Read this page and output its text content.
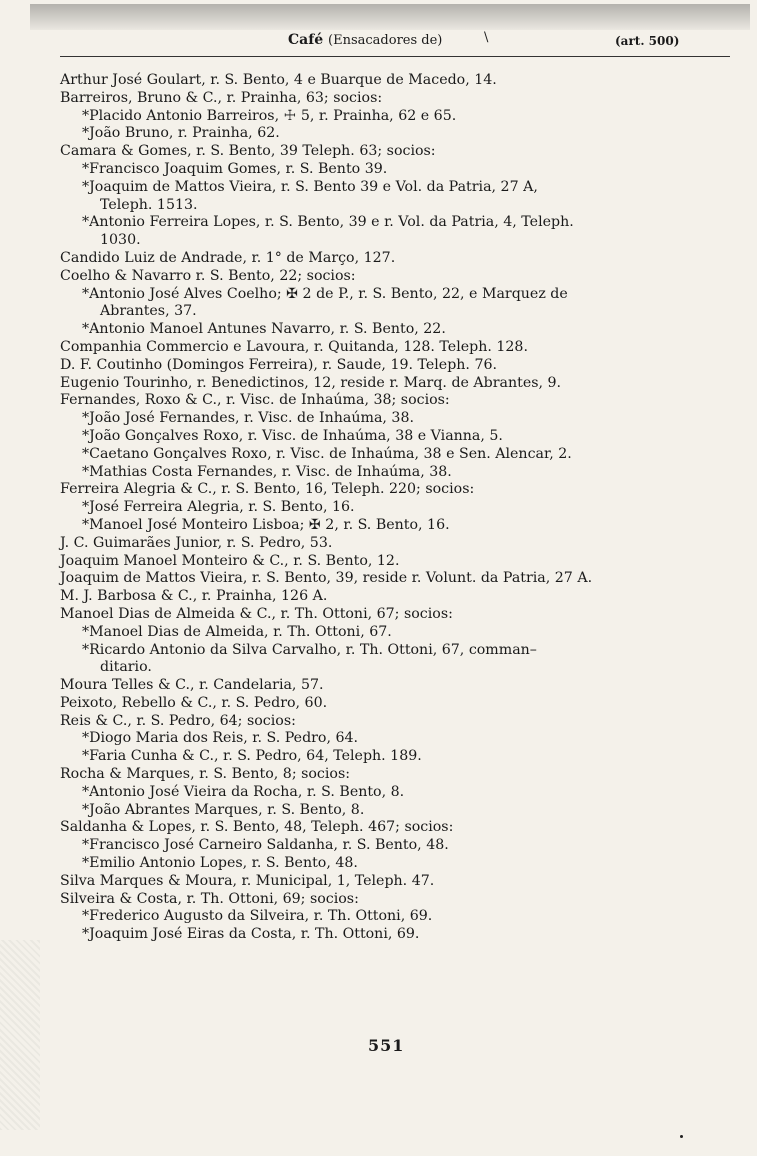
Café (Ensacadores de)	\	(art. 500)

Arthur José Goulart, r. S. Bento, 4 e Buarque de Macedo, 14.

Barreiros, Bruno & C., r. Prainha, 63; socios:

*Placido Antonio Barreiros, ☩ 5, r. Prainha, 62 e 65.

*João Bruno, r. Prainha, 62.

Camara & Gomes, r. S. Bento, 39 Teleph. 63; socios:

*Francisco Joaquim Gomes, r. S. Bento 39.

*Joaquim de Mattos Vieira, r. S. Bento 39 e Vol. da Patria, 27 A,

Teleph. 1513.

*Antonio Ferreira Lopes, r. S. Bento, 39 e r. Vol. da Patria, 4, Teleph.

1030.

Candido Luiz de Andrade, r. 1° de Março, 127.

Coelho & Navarro r. S. Bento, 22; socios:

*Antonio José Alves Coelho; ✠ 2 de P., r. S. Bento, 22, e Marquez de

Abrantes, 37.

*Antonio Manoel Antunes Navarro, r. S. Bento, 22.

Companhia Commercio e Lavoura, r. Quitanda, 128. Teleph. 128.

D. F. Coutinho (Domingos Ferreira), r. Saude, 19. Teleph. 76.

Eugenio Tourinho, r. Benedictinos, 12, reside r. Marq. de Abrantes, 9.

Fernandes, Roxo & C., r. Visc. de Inhaúma, 38; socios:

*João José Fernandes, r. Visc. de Inhaúma, 38.

*João Gonçalves Roxo, r. Visc. de Inhaúma, 38 e Vianna, 5.

*Caetano Gonçalves Roxo, r. Visc. de Inhaúma, 38 e Sen. Alencar, 2.

*Mathias Costa Fernandes, r. Visc. de Inhaúma, 38.

Ferreira Alegria & C., r. S. Bento, 16, Teleph. 220; socios:

*José Ferreira Alegria, r. S. Bento, 16.

*Manoel José Monteiro Lisboa; ✠ 2, r. S. Bento, 16.

J. C. Guimarães Junior, r. S. Pedro, 53.

Joaquim Manoel Monteiro & C., r. S. Bento, 12.

Joaquim de Mattos Vieira, r. S. Bento, 39, reside r. Volunt. da Patria, 27 A.

M. J. Barbosa & C., r. Prainha, 126 A.

Manoel Dias de Almeida & C., r. Th. Ottoni, 67; socios:

*Manoel Dias de Almeida, r. Th. Ottoni, 67.

*Ricardo Antonio da Silva Carvalho, r. Th. Ottoni, 67, comman–

ditario.

Moura Telles & C., r. Candelaria, 57.

Peixoto, Rebello & C., r. S. Pedro, 60.

Reis & C., r. S. Pedro, 64; socios:

*Diogo Maria dos Reis, r. S. Pedro, 64.

*Faria Cunha & C., r. S. Pedro, 64, Teleph. 189.

Rocha & Marques, r. S. Bento, 8; socios:

*Antonio José Vieira da Rocha, r. S. Bento, 8.

*João Abrantes Marques, r. S. Bento, 8.

Saldanha & Lopes, r. S. Bento, 48, Teleph. 467; socios:

*Francisco José Carneiro Saldanha, r. S. Bento, 48.

*Emilio Antonio Lopes, r. S. Bento, 48.

Silva Marques & Moura, r. Municipal, 1, Teleph. 47.

Silveira & Costa, r. Th. Ottoni, 69; socios:

*Frederico Augusto da Silveira, r. Th. Ottoni, 69.

*Joaquim José Eiras da Costa, r. Th. Ottoni, 69.

551
